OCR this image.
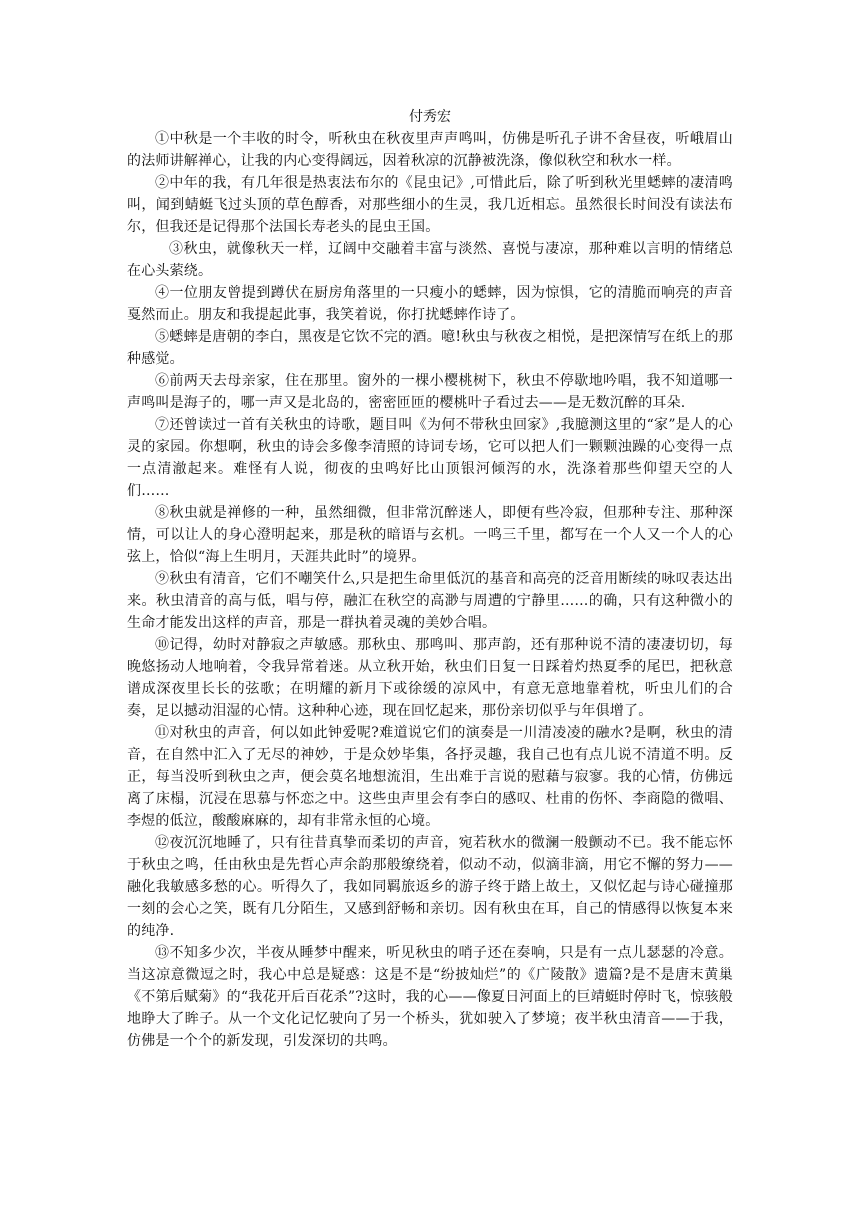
付秀宏

①中秋是一个丰收的时令，听秋虫在秋夜里声声鸣叫，仿佛是听孔子讲不舍昼夜，听峨眉山的法师讲解禅心，让我的内心变得阔远，因着秋凉的沉静被洗涤，像似秋空和秋水一样。

②中年的我，有几年很是热衷法布尔的《昆虫记》,可惜此后，除了听到秋光里蟋蟀的凄清鸣叫，闻到蜻蜓飞过头顶的草色醇香，对那些细小的生灵，我几近相忘。虽然很长时间没有读法布尔，但我还是记得那个法国长寿老头的昆虫王国。

③秋虫，就像秋天一样，辽阔中交融着丰富与淡然、喜悦与凄凉，那种难以言明的情绪总在心头萦绕。

④一位朋友曾提到蹲伏在厨房角落里的一只瘦小的蟋蟀，因为惊惧，它的清脆而响亮的声音戛然而止。朋友和我提起此事，我笑着说，你打扰蟋蟀作诗了。

⑤蟋蟀是唐朝的李白，黑夜是它饮不完的酒。噫!秋虫与秋夜之相悦，是把深情写在纸上的那种感觉。

⑥前两天去母亲家，住在那里。窗外的一棵小樱桃树下，秋虫不停歇地吟唱，我不知道哪一声鸣叫是海子的，哪一声又是北岛的，密密匝匝的樱桃叶子看过去——是无数沉醉的耳朵.

⑦还曾读过一首有关秋虫的诗歌，题目叫《为何不带秋虫回家》,我臆测这里的“家”是人的心灵的家园。你想啊，秋虫的诗会多像李清照的诗词专场，它可以把人们一颗颗浊躁的心变得一点一点清澈起来。难怪有人说，彻夜的虫鸣好比山顶银河倾泻的水，洗涤着那些仰望天空的人们……

⑧秋虫就是禅修的一种，虽然细微，但非常沉醉迷人，即便有些冷寂，但那种专注、那种深情，可以让人的身心澄明起来，那是秋的暗语与玄机。一鸣三千里，都写在一个人又一个人的心弦上，恰似“海上生明月，天涯共此时”的境界。

⑨秋虫有清音，它们不嘲笑什么,只是把生命里低沉的基音和高亮的泛音用断续的咏叹表达出来。秋虫清音的高与低，唱与停，融汇在秋空的高渺与周遭的宁静里……的确，只有这种微小的生命才能发出这样的声音，那是一群执着灵魂的美妙合唱。

⑩记得，幼时对静寂之声敏感。那秋虫、那鸣叫、那声韵，还有那种说不清的凄凄切切，每晚悠扬动人地响着，令我异常着迷。从立秋开始，秋虫们日复一日踩着灼热夏季的尾巴，把秋意谱成深夜里长长的弦歌；在明耀的新月下或徐缓的凉风中，有意无意地靠着枕，听虫儿们的合奏，足以撼动泪湿的心情。这种种心迹，现在回忆起来，那份亲切似乎与年俱增了。

⑪对秋虫的声音，何以如此钟爱呢?难道说它们的演奏是一川清凌凌的融水?是啊，秋虫的清音，在自然中汇入了无尽的神妙，于是众妙毕集，各抒灵趣，我自己也有点儿说不清道不明。反正，每当没听到秋虫之声，便会莫名地想流泪，生出难于言说的慰藉与寂寥。我的心情，仿佛远离了床榻，沉浸在思慕与怀恋之中。这些虫声里会有李白的感叹、杜甫的伤怀、李商隐的微唱、李煜的低泣，酸酸麻麻的，却有非常永恒的心境。

⑫夜沉沉地睡了，只有往昔真挚而柔切的声音，宛若秋水的微澜一般颤动不已。我不能忘怀于秋虫之鸣，任由秋虫是先哲心声余韵那般缭绕着，似动不动，似滴非滴，用它不懈的努力——融化我敏感多愁的心。听得久了，我如同羁旅返乡的游子终于踏上故土，又似忆起与诗心碰撞那一刻的会心之笑，既有几分陌生，又感到舒畅和亲切。因有秋虫在耳，自己的情感得以恢复本来的纯净.

⑬不知多少次，半夜从睡梦中醒来，听见秋虫的哨子还在奏响，只是有一点儿瑟瑟的冷意。当这凉意微逗之时，我心中总是疑惑：这是不是“纷披灿烂”的《广陵散》遗篇?是不是唐末黄巢《不第后赋菊》的“我花开后百花杀”?这时，我的心——像夏日河面上的巨靖蜓时停时飞，惊骇般地睁大了眸子。从一个文化记忆驶向了另一个桥头，犹如驶入了梦境；夜半秋虫清音——于我，仿佛是一个个的新发现，引发深切的共鸣。
